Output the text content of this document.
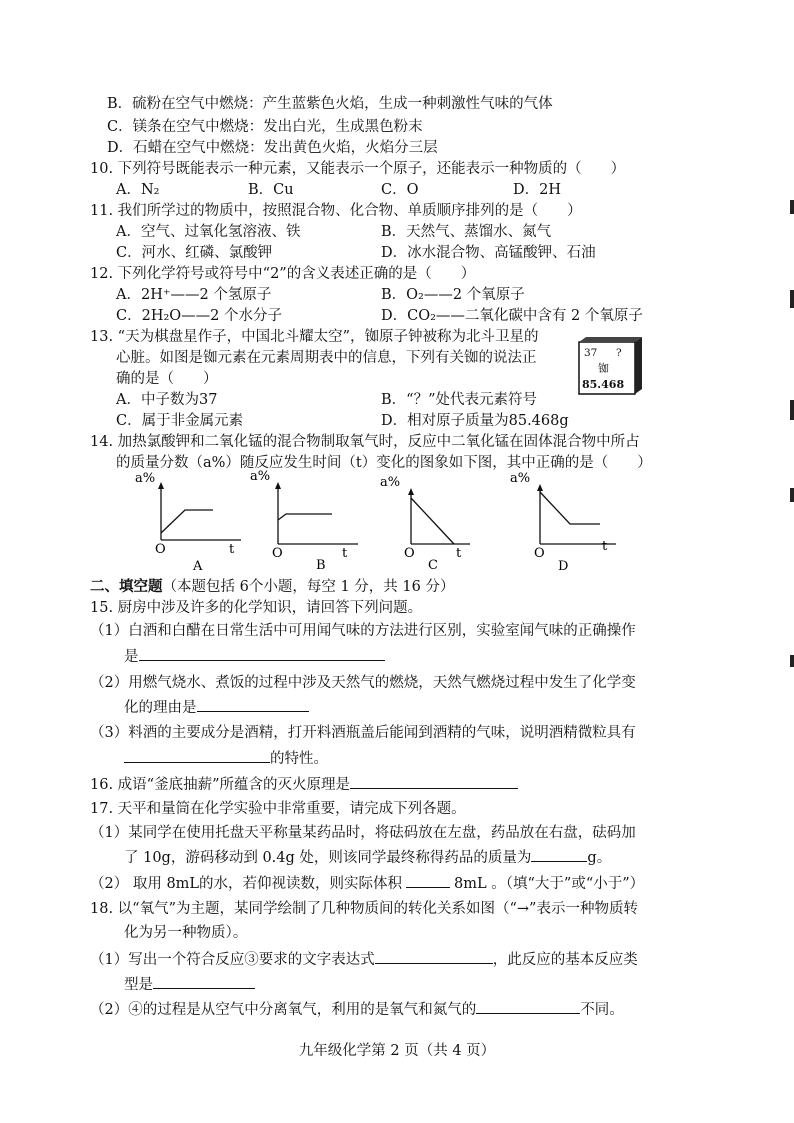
B．硫粉在空气中燃烧：产生蓝紫色火焰，生成一种刺激性气味的气体
C．镁条在空气中燃烧：发出白光，生成黑色粉末
D．石蜡在空气中燃烧：发出黄色火焰，火焰分三层
10. 下列符号既能表示一种元素，又能表示一个原子，还能表示一种物质的（　　）
A．N₂	B．Cu	C．O	D．2H
11. 我们所学过的物质中，按照混合物、化合物、单质顺序排列的是（　　）
A．空气、过氧化氢溶液、铁	B．天然气、蒸馏水、氮气
C．河水、红磷、氯酸钾	D．冰水混合物、高锰酸钾、石油
12. 下列化学符号或符号中“2”的含义表述正确的是（　　）
A．2H⁺——2 个氢原子	B．O₂——2 个氧原子
C．2H₂O——2 个水分子	D．CO₂——二氧化碳中含有 2 个氧原子
13. “天为棋盘星作子，中国北斗耀太空”，铷原子钟被称为北斗卫星的
心脏。如图是铷元素在元素周期表中的信息，下列有关铷的说法正
确的是（　　）
A．中子数为37	B．“？”处代表元素符号
C．属于非金属元素	D．相对原子质量为85.468g
37 ?
铷
85.468
14. 加热氯酸钾和二氧化锰的混合物制取氧气时，反应中二氧化锰在固体混合物中所占
的质量分数（a%）随反应发生时间（t）变化的图象如下图，其中正确的是（　　）
a%
O	t
A
a%
O	t
B
a%
O	t
C
a%
O	t
D
二、填空题（本题包括 6个小题，每空 1 分，共 16 分）
15. 厨房中涉及许多的化学知识，请回答下列问题。
（1）白酒和白醋在日常生活中可用闻气味的方法进行区别，实验室闻气味的正确操作
是
（2）用燃气烧水、煮饭的过程中涉及天然气的燃烧，天然气燃烧过程中发生了化学变
化的理由是
（3）料酒的主要成分是酒精，打开料酒瓶盖后能闻到酒精的气味，说明酒精微粒具有
的特性。
16. 成语“釜底抽薪”所蕴含的灭火原理是
17. 天平和量筒在化学实验中非常重要，请完成下列各题。
（1）某同学在使用托盘天平称量某药品时，将砝码放在左盘，药品放在右盘，砝码加
了 10g，游码移动到 0.4g 处，则该同学最终称得药品的质量为	g。
（2） 取用 8mL的水，若仰视读数，则实际体积	8mL 。（填“大于”或“小于”）
18. 以“氧气”为主题，某同学绘制了几种物质间的转化关系如图（“→”表示一种物质转
化为另一种物质）。
（1）写出一个符合反应③要求的文字表达式	，此反应的基本反应类
型是
（2）④的过程是从空气中分离氧气，利用的是氧气和氮气的	不同。
九年级化学第 2 页（共 4 页）
